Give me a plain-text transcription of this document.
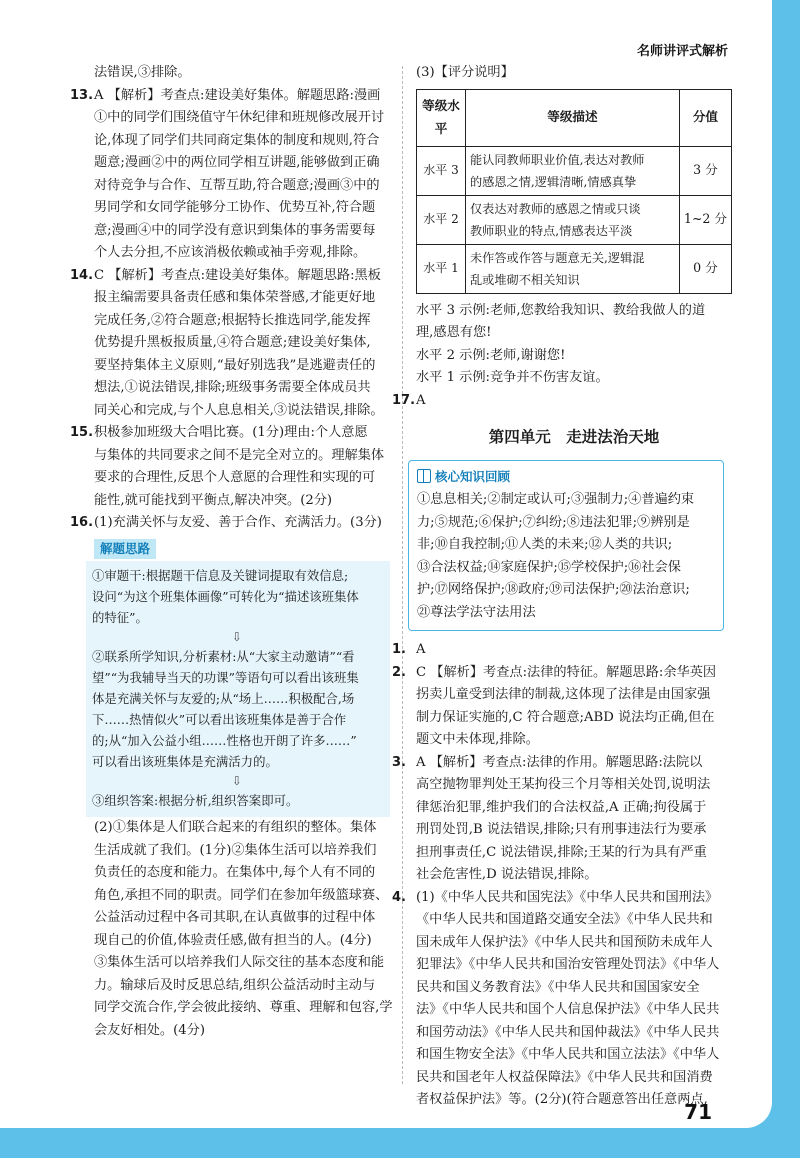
名师讲评式解析
法错误,③排除。
13. A 【解析】考查点:建设美好集体。解题思路:漫画
①中的同学们围绕值守午休纪律和班规修改展开讨
论,体现了同学们共同商定集体的制度和规则,符合
题意;漫画②中的两位同学相互讲题,能够做到正确
对待竞争与合作、互帮互助,符合题意;漫画③中的
男同学和女同学能够分工协作、优势互补,符合题
意;漫画④中的同学没有意识到集体的事务需要每
个人去分担,不应该消极依赖或袖手旁观,排除。
14. C 【解析】考查点:建设美好集体。解题思路:黑板
报主编需要具备责任感和集体荣誉感,才能更好地
完成任务,②符合题意;根据特长推选同学,能发挥
优势提升黑板报质量,④符合题意;建设美好集体,
要坚持集体主义原则,“最好别选我”是逃避责任的
想法,①说法错误,排除;班级事务需要全体成员共
同关心和完成,与个人息息相关,③说法错误,排除。
15. 积极参加班级大合唱比赛。(1分)理由:个人意愿
与集体的共同要求之间不是完全对立的。理解集体
要求的合理性,反思个人意愿的合理性和实现的可
能性,就可能找到平衡点,解决冲突。(2分)
16. (1)充满关怀与友爱、善于合作、充满活力。(3分)
解题思路
①审题干:根据题干信息及关键词提取有效信息;
设问“为这个班集体画像”可转化为“描述该班集体
的特征”。
⇩
②联系所学知识,分析素材:从“大家主动邀请”“看
望”“为我辅导当天的功课”等语句可以看出该班集
体是充满关怀与友爱的;从“场上……积极配合,场
下……热情似火”可以看出该班集体是善于合作
的;从“加入公益小组……性格也开朗了许多……”
可以看出该班集体是充满活力的。
⇩
③组织答案:根据分析,组织答案即可。
(2)①集体是人们联合起来的有组织的整体。集体
生活成就了我们。(1分)②集体生活可以培养我们
负责任的态度和能力。在集体中,每个人有不同的
角色,承担不同的职责。同学们在参加年级篮球赛、
公益活动过程中各司其职,在认真做事的过程中体
现自己的价值,体验责任感,做有担当的人。(4分)
③集体生活可以培养我们人际交往的基本态度和能
力。输球后及时反思总结,组织公益活动时主动与
同学交流合作,学会彼此接纳、尊重、理解和包容,学
会友好相处。(4分)
(3)【评分说明】
等级水平	等级描述	分值
水平 3	能认同教师职业价值,表达对教师
的感恩之情,逻辑清晰,情感真挚	3 分
水平 2	仅表达对教师的感恩之情或只谈
教师职业的特点,情感表达平淡	1~2 分
水平 1	未作答或作答与题意无关,逻辑混
乱或堆砌不相关知识	0 分
水平 3 示例:老师,您教给我知识、教给我做人的道
理,感恩有您!
水平 2 示例:老师,谢谢您!
水平 1 示例:竞争并不伤害友谊。
17. A
第四单元　走进法治天地
核心知识回顾
①息息相关;②制定或认可;③强制力;④普遍约束
力;⑤规范;⑥保护;⑦纠纷;⑧违法犯罪;⑨辨别是
非;⑩自我控制;⑪人类的未来;⑫人类的共识;
⑬合法权益;⑭家庭保护;⑮学校保护;⑯社会保
护;⑰网络保护;⑱政府;⑲司法保护;⑳法治意识;
㉑尊法学法守法用法
1. A
2. C 【解析】考查点:法律的特征。解题思路:余华英因
拐卖儿童受到法律的制裁,这体现了法律是由国家强
制力保证实施的,C 符合题意;ABD 说法均正确,但在
题文中未体现,排除。
3. A 【解析】考查点:法律的作用。解题思路:法院以
高空抛物罪判处王某拘役三个月等相关处罚,说明法
律惩治犯罪,维护我们的合法权益,A 正确;拘役属于
刑罚处罚,B 说法错误,排除;只有刑事违法行为要承
担刑事责任,C 说法错误,排除;王某的行为具有严重
社会危害性,D 说法错误,排除。
4. (1)《中华人民共和国宪法》《中华人民共和国刑法》
《中华人民共和国道路交通安全法》《中华人民共和
国未成年人保护法》《中华人民共和国预防未成年人
犯罪法》《中华人民共和国治安管理处罚法》《中华人
民共和国义务教育法》《中华人民共和国国家安全
法》《中华人民共和国个人信息保护法》《中华人民共
和国劳动法》《中华人民共和国仲裁法》《中华人民共
和国生物安全法》《中华人民共和国立法法》《中华人
民共和国老年人权益保障法》《中华人民共和国消费
者权益保护法》等。(2分)(符合题意答出任意两点,
71
